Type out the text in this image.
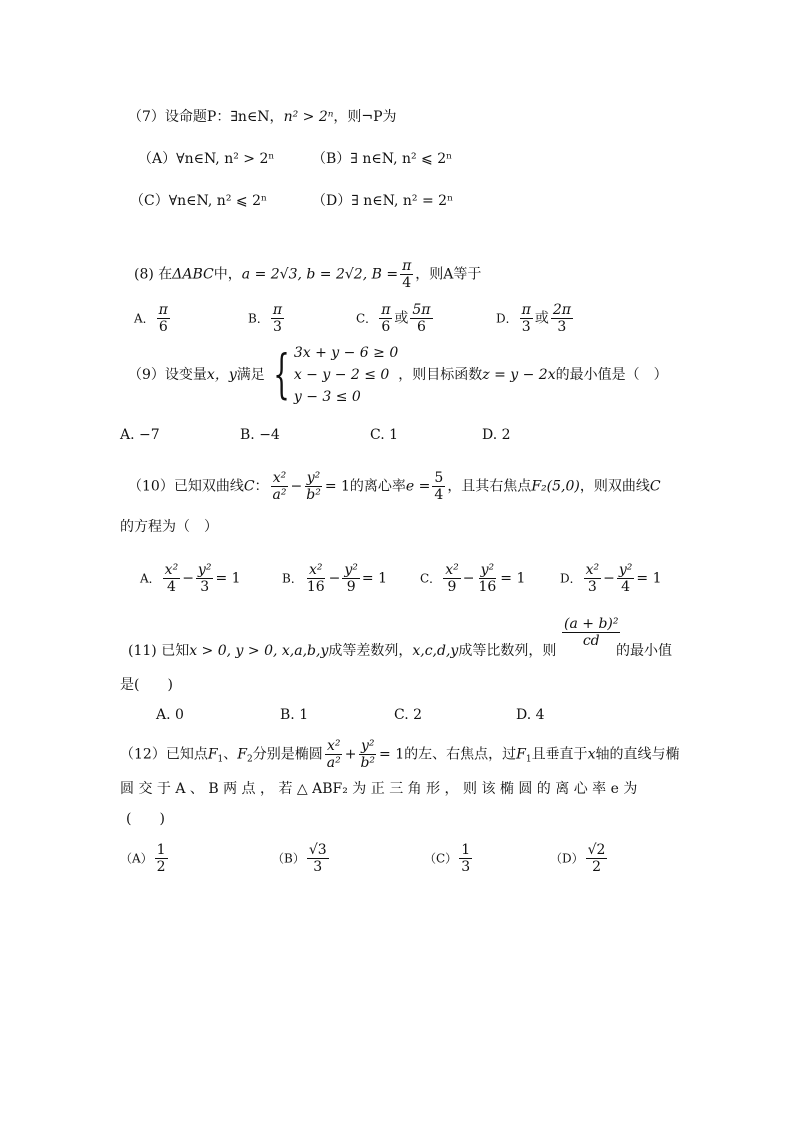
（7）设命题P：∃n∈N，n² > 2ⁿ，则¬P为
（A）∀n∈N, n² > 2ⁿ	（B）∃ n∈N, n² ⩽ 2ⁿ
（C）∀n∈N, n² ⩽ 2ⁿ	（D）∃ n∈N, n² = 2ⁿ
(8) 在ΔABC中，a = 2√3, b = 2√2, $B = \frac{\pi}{4}$ ，则A等于
A． $\frac{\pi}{6}$	B． $\frac{\pi}{3}$	C． $\frac{\pi}{6}$ 或 $\frac{5\pi}{6}$	D． $\frac{\pi}{3}$ 或 $\frac{2\pi}{3}$
（9）设变量x，y满足 { 3x + y − 6 ≥ 0
x − y − 2 ≤ 0
y − 3 ≤ 0
，则目标函数z = y − 2x的最小值是（　）
A. −7	B. −4	C. 1	D. 2
（10）已知双曲线C： $\frac{\text{x²}}{\text{a²}} - \frac{\text{y²}}{\text{b²}} = 1$的离心率$e = \frac{5}{4}$ ，且其右焦点F₂(5,0)，则双曲线C
的方程为（　）
A． $\frac{\text{x²}}{4} - \frac{\text{y²}}{3} = 1$	B． $\frac{\text{x²}}{16} - \frac{\text{y²}}{9} = 1$	C． $\frac{\text{x²}}{9} - \frac{\text{y²}}{16} = 1$	D． $\frac{\text{x²}}{3} - \frac{\text{y²}}{4} = 1$
(11) 已知x > 0, y > 0, x,a,b,y成等差数列，x,c,d,y成等比数列，则
$\frac{\text{(a + b)²}}{cd}$
的最小值
是(　　)
A. 0	B. 1	C. 2	D. 4
（12）已知点$F_1$、$F_2$分别是椭圆 $\frac{\text{x²}}{\text{a²}} + \frac{\text{y²}}{\text{b²}} = 1$的左、右焦点，过$F_1$且垂直于x轴的直线与椭
圆 交 于 A 、 B 两 点 ， 若 △ ABF₂ 为 正 三 角 形 ， 则 该 椭 圆 的 离 心 率 e 为
(　　)
$(A) \frac{1}{2}$	$(B) \frac{√3}{3}$	$(C) \frac{1}{3}$	$(D) \frac{√2}{2}$
